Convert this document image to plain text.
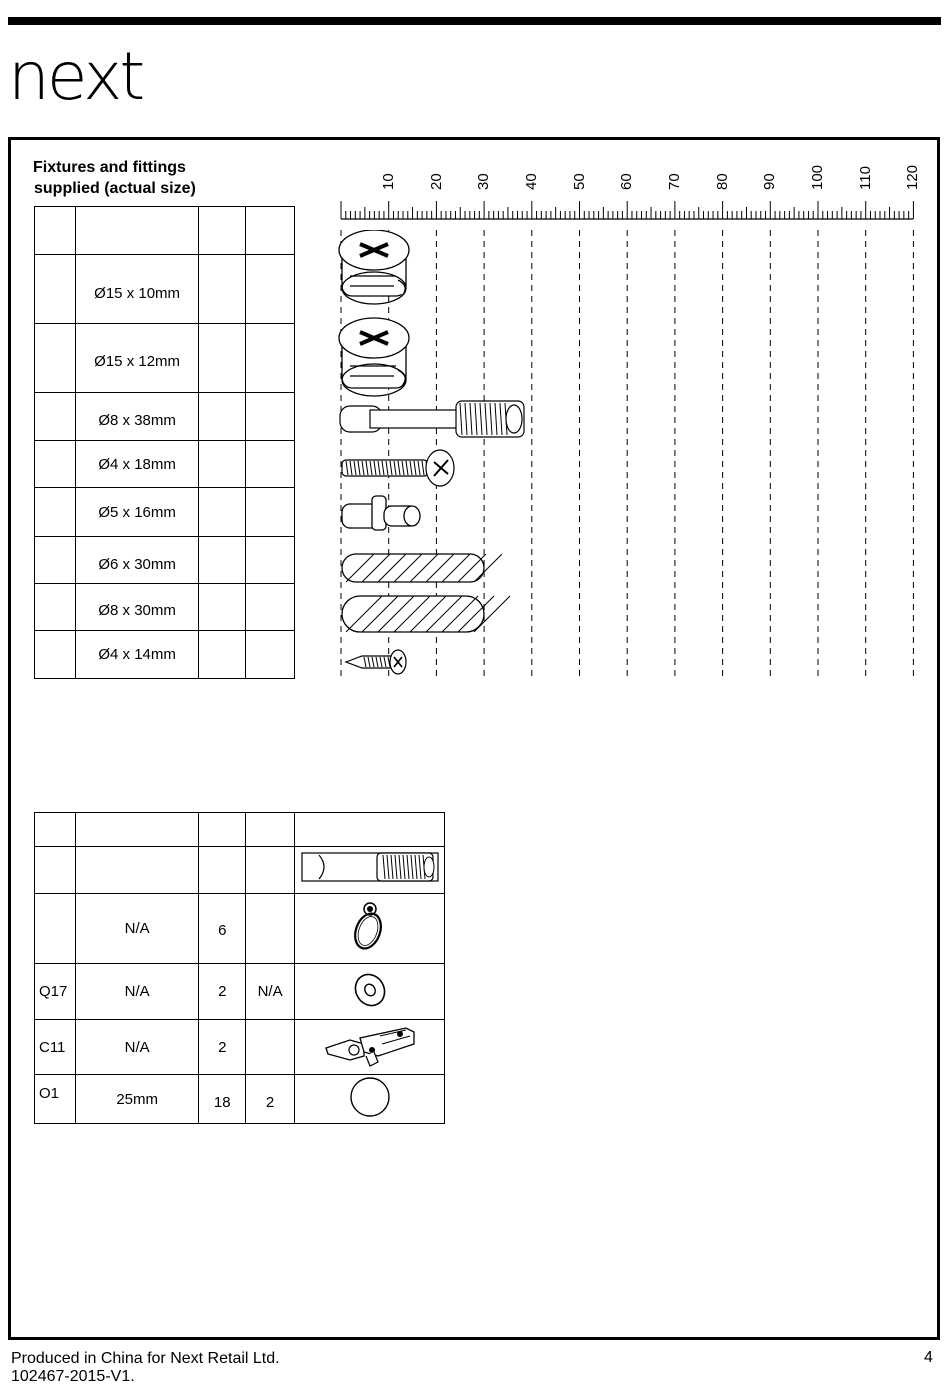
next
Fixtures and fittings
supplied (actual size)

	Ø15 x 10mm		
	Ø15 x 12mm		
	Ø8 x 38mm		
	Ø4 x 18mm		
	Ø5 x 16mm		
	Ø6 x 30mm		
	Ø8 x 30mm		
	Ø4 x 14mm		
10 20 30 40 50 60 70 80 90 100 110 120

	N/A	6		
Q17	N/A	2	N/A	
C11	N/A	2		
O1	25mm	18	2	
Produced in China for Next Retail Ltd.
102467-2015-V1.
4
